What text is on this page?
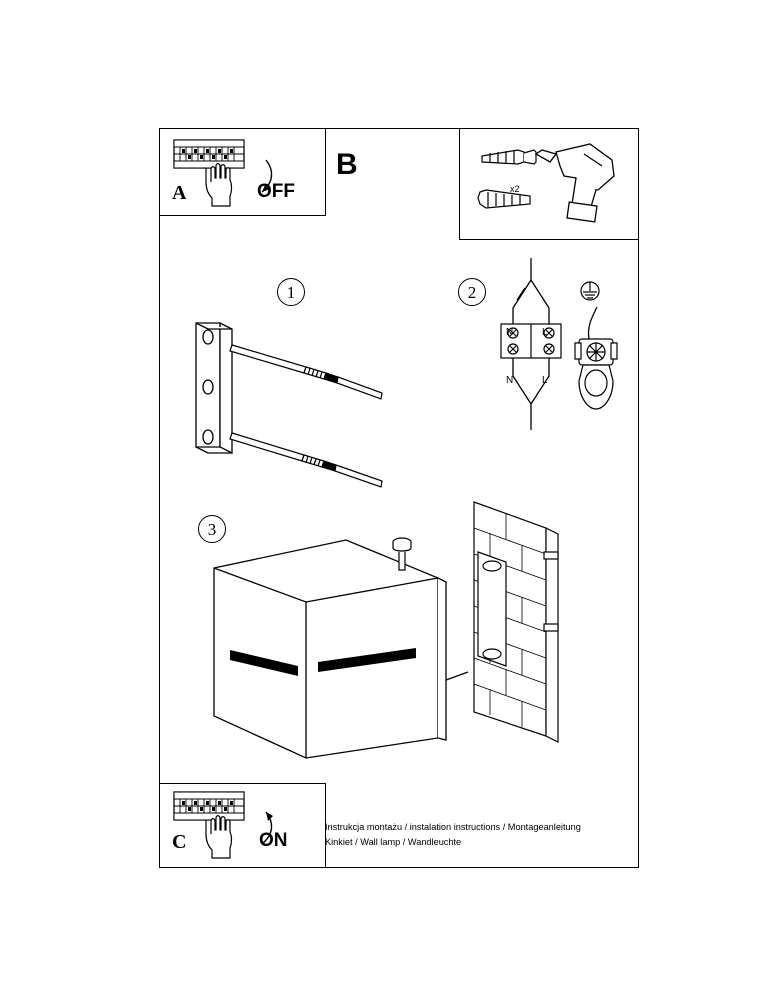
A	OFF
B
x2
1	2
N	L
N	L
3
C	ON
Instrukcja montażu / instalation instructions / Montageanleitung
Kinkiet / Wall lamp / Wandleuchte
